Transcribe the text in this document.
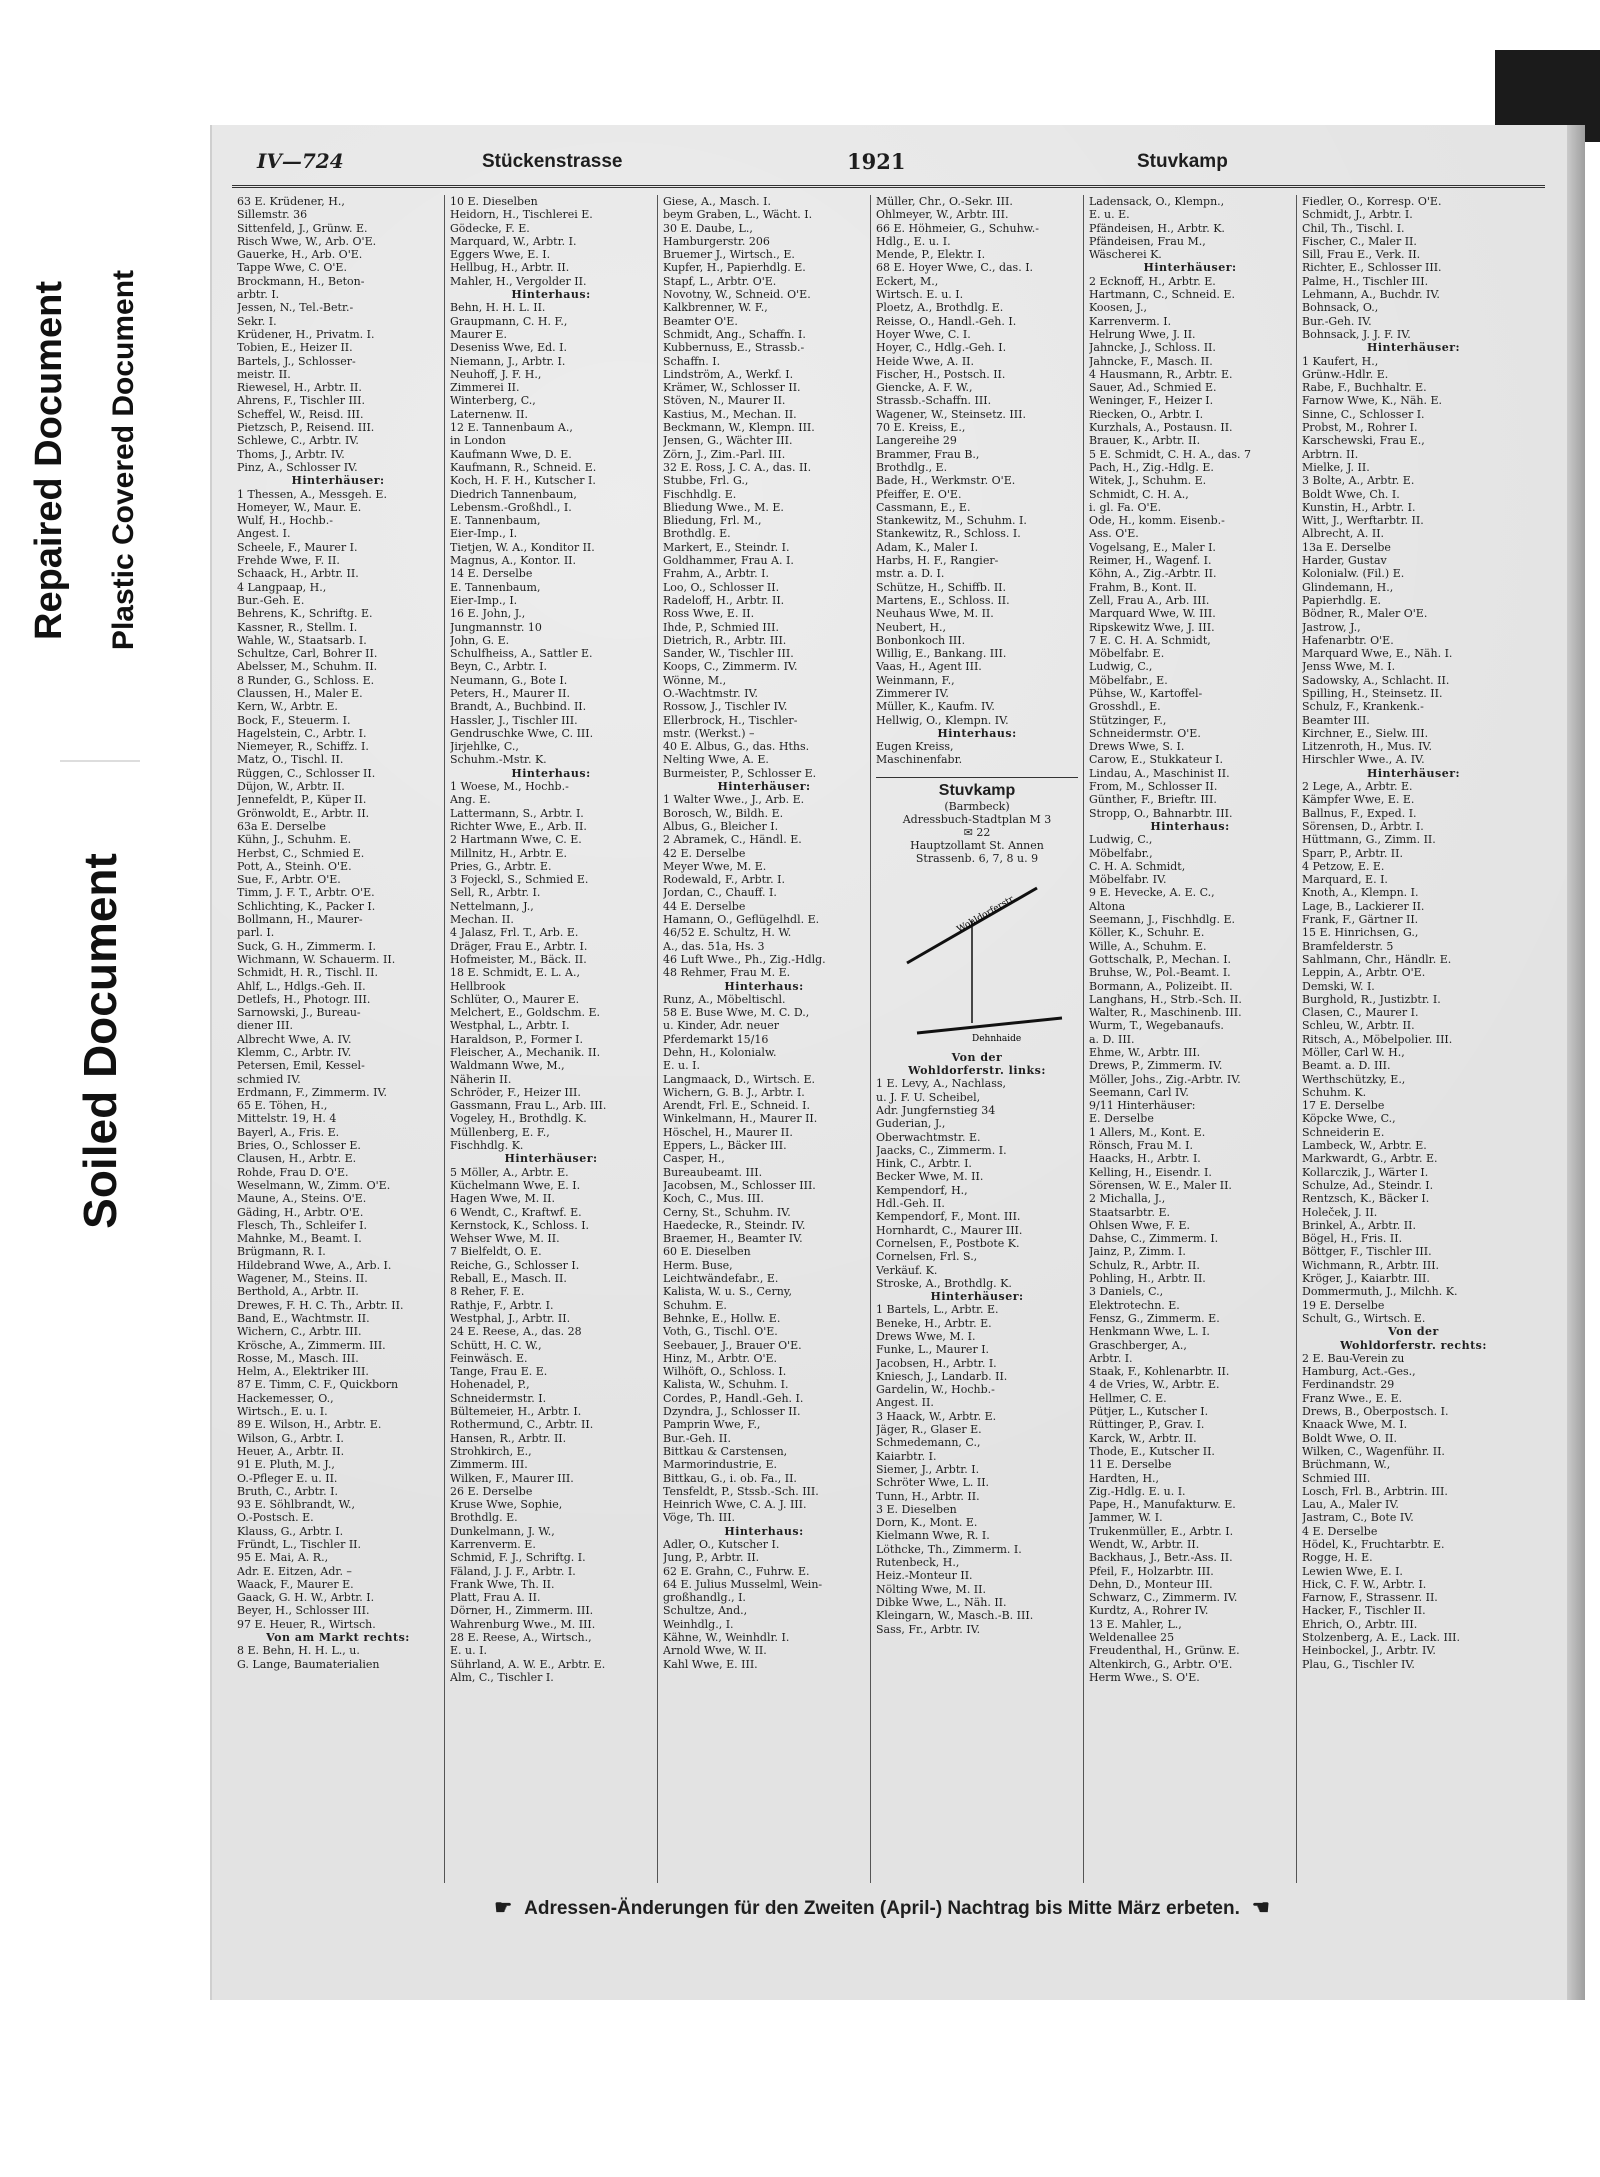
Repaired Document Plastic Covered Document
Soiled Document
IV—724	Stückenstrasse	1921	Stuvkamp
63 E. Krüdener, H.,
Sillemstr. 36
Sittenfeld, J., Grünw. E.
Risch Wwe, W., Arb. O'E.
Gauerke, H., Arb. O'E.
Tappe Wwe, C. O'E.
Brockmann, H., Beton-
arbtr. I.
Jessen, N., Tel.-Betr.-
Sekr. I.
Krüdener, H., Privatm. I.
Tobien, E., Heizer II.
Bartels, J., Schlosser-
meistr. II.
Riewesel, H., Arbtr. II.
Ahrens, F., Tischler III.
Scheffel, W., Reisd. III.
Pietzsch, P., Reisend. III.
Schlewe, C., Arbtr. IV.
Thoms, J., Arbtr. IV.
Pinz, A., Schlosser IV.
Hinterhäuser:
1 Thessen, A., Messgeh. E.
Homeyer, W., Maur. E.
Wulf, H., Hochb.-
Angest. I.
Scheele, F., Maurer I.
Frehde Wwe, F. II.
Schaack, H., Arbtr. II.
4 Langpaap, H.,
Bur.-Geh. E.
Behrens, K., Schriftg. E.
Kassner, R., Stellm. I.
Wahle, W., Staatsarb. I.
Schultze, Carl, Bohrer II.
Abelsser, M., Schuhm. II.
8 Runder, G., Schloss. E.
Claussen, H., Maler E.
Kern, W., Arbtr. E.
Bock, F., Steuerm. I.
Hagelstein, C., Arbtr. I.
Niemeyer, R., Schiffz. I.
Matz, O., Tischl. II.
Rüggen, C., Schlosser II.
Düjon, W., Arbtr. II.
Jennefeldt, P., Küper II.
Grönwoldt, E., Arbtr. II.
63a E. Derselbe
Kühn, J., Schuhm. E.
Herbst, C., Schmied E.
Pott, A., Steinh. O'E.
Sue, F., Arbtr. O'E.
Timm, J. F. T., Arbtr. O'E.
Schlichting, K., Packer I.
Bollmann, H., Maurer-
parl. I.
Suck, G. H., Zimmerm. I.
Wichmann, W. Schauerm. II.
Schmidt, H. R., Tischl. II.
Ahlf, L., Hdlgs.-Geh. II.
Detlefs, H., Photogr. III.
Sarnowski, J., Bureau-
diener III.
Albrecht Wwe, A. IV.
Klemm, C., Arbtr. IV.
Petersen, Emil, Kessel-
schmied IV.
Erdmann, F., Zimmerm. IV.
65 E. Töhen, H.,
Mittelstr. 19, H. 4
Bayerl, A., Fris. E.
Bries, O., Schlosser E.
Clausen, H., Arbtr. E.
Rohde, Frau D. O'E.
Weselmann, W., Zimm. O'E.
Maune, A., Steins. O'E.
Gäding, H., Arbtr. O'E.
Flesch, Th., Schleifer I.
Mahnke, M., Beamt. I.
Brügmann, R. I.
Hildebrand Wwe, A., Arb. I.
Wagener, M., Steins. II.
Berthold, A., Arbtr. II.
Drewes, F. H. C. Th., Arbtr. II.
Band, E., Wachtmstr. II.
Wichern, C., Arbtr. III.
Krösche, A., Zimmerm. III.
Rosse, M., Masch. III.
Helm, A., Elektriker III.
87 E. Timm, C. F., Quickborn
Hackemesser, O.,
Wirtsch., E. u. I.
89 E. Wilson, H., Arbtr. E.
Wilson, G., Arbtr. I.
Heuer, A., Arbtr. II.
91 E. Pluth, M. J.,
O.-Pfleger E. u. II.
Bruth, C., Arbtr. I.
93 E. Söhlbrandt, W.,
O.-Postsch. E.
Klauss, G., Arbtr. I.
Fründt, L., Tischler II.
95 E. Mai, A. R.,
Adr. E. Eitzen, Adr. –
Waack, F., Maurer E.
Gaack, G. H. W., Arbtr. I.
Beyer, H., Schlosser III.
97 E. Heuer, R., Wirtsch.
Von am Markt rechts:
8 E. Behn, H. H. L., u.
G. Lange, Baumaterialien
10 E. Dieselben
Heidorn, H., Tischlerei E.
Gödecke, F. E.
Marquard, W., Arbtr. I.
Eggers Wwe, E. I.
Hellbug, H., Arbtr. II.
Mahler, H., Vergolder II.
Hinterhaus:
Behn, H. H. L. II.
Graupmann, C. H. F.,
Maurer E.
Deseniss Wwe, Ed. I.
Niemann, J., Arbtr. I.
Neuhoff, J. F. H.,
Zimmerei II.
Winterberg, C.,
Laternenw. II.
12 E. Tannenbaum A.,
in London
Kaufmann Wwe, D. E.
Kaufmann, R., Schneid. E.
Koch, H. F. H., Kutscher I.
Diedrich Tannenbaum,
Lebensm.-Großhdl., I.
E. Tannenbaum,
Eier-Imp., I.
Tietjen, W. A., Konditor II.
Magnus, A., Kontor. II.
14 E. Derselbe
E. Tannenbaum,
Eier-Imp., I.
16 E. John, J.,
Jungmannstr. 10
John, G. E.
Schulfheiss, A., Sattler E.
Beyn, C., Arbtr. I.
Neumann, G., Bote I.
Peters, H., Maurer II.
Brandt, A., Buchbind. II.
Hassler, J., Tischler III.
Gendruschke Wwe, C. III.
Jirjehlke, C.,
Schuhm.-Mstr. K.
Hinterhaus:
1 Woese, M., Hochb.-
Ang. E.
Lattermann, S., Arbtr. I.
Richter Wwe, E., Arb. II.
2 Hartmann Wwe, C. E.
Millnitz, H., Arbtr. E.
Pries, G., Arbtr. E.
3 Fojeckl, S., Schmied E.
Sell, R., Arbtr. I.
Nettelmann, J.,
Mechan. II.
4 Jalasz, Frl. T., Arb. E.
Dräger, Frau E., Arbtr. I.
Hofmeister, M., Bäck. II.
18 E. Schmidt, E. L. A.,
Hellbrook
Schlüter, O., Maurer E.
Melchert, E., Goldschm. E.
Westphal, L., Arbtr. I.
Haraldson, P., Former I.
Fleischer, A., Mechanik. II.
Waldmann Wwe, M.,
Näherin II.
Schröder, F., Heizer III.
Gassmann, Frau L., Arb. III.
Vogeley, H., Brothdlg. K.
Müllenberg, E. F.,
Fischhdlg. K.
Hinterhäuser:
5 Möller, A., Arbtr. E.
Küchelmann Wwe, E. I.
Hagen Wwe, M. II.
6 Wendt, C., Kraftwf. E.
Kernstock, K., Schloss. I.
Wehser Wwe, M. II.
7 Bielfeldt, O. E.
Reiche, G., Schlosser I.
Reball, E., Masch. II.
8 Reher, F. E.
Rathje, F., Arbtr. I.
Westphal, J., Arbtr. II.
24 E. Reese, A., das. 28
Schütt, H. C. W.,
Feinwäsch. E.
Tange, Frau E. E.
Hohenadel, P.,
Schneidermstr. I.
Bültemeier, H., Arbtr. I.
Rothermund, C., Arbtr. II.
Hansen, R., Arbtr. II.
Strohkirch, E.,
Zimmerm. III.
Wilken, F., Maurer III.
26 E. Derselbe
Kruse Wwe, Sophie,
Brothdlg. E.
Dunkelmann, J. W.,
Karrenverm. E.
Schmid, F. J., Schriftg. I.
Fäland, J. J. F., Arbtr. I.
Frank Wwe, Th. II.
Platt, Frau A. II.
Dörner, H., Zimmerm. III.
Wahrenburg Wwe., M. III.
28 E. Reese, A., Wirtsch.,
E. u. I.
Sührland, A. W. E., Arbtr. E.
Alm, C., Tischler I.
Giese, A., Masch. I.
beym Graben, L., Wächt. I.
30 E. Daube, L.,
Hamburgerstr. 206
Bruemer J., Wirtsch., E.
Kupfer, H., Papierhdlg. E.
Stapf, L., Arbtr. O'E.
Novotny, W., Schneid. O'E.
Kalkbrenner, W. F.,
Beamter O'E.
Schmidt, Ang., Schaffn. I.
Kubbernuss, E., Strassb.-
Schaffn. I.
Lindström, A., Werkf. I.
Krämer, W., Schlosser II.
Stöven, N., Maurer II.
Kastius, M., Mechan. II.
Beckmann, W., Klempn. III.
Jensen, G., Wächter III.
Zörn, J., Zim.-Parl. III.
32 E. Ross, J. C. A., das. II.
Stubbe, Frl. G.,
Fischhdlg. E.
Bliedung Wwe., M. E.
Bliedung, Frl. M.,
Brothdlg. E.
Markert, E., Steindr. I.
Goldhammer, Frau A. I.
Frahm, A., Arbtr. I.
Loo, O., Schlosser II.
Radeloff, H., Arbtr. II.
Ross Wwe, E. II.
Ihde, P., Schmied III.
Dietrich, R., Arbtr. III.
Sander, W., Tischler III.
Koops, C., Zimmerm. IV.
Wönne, M.,
O.-Wachtmstr. IV.
Rossow, J., Tischler IV.
Ellerbrock, H., Tischler-
mstr. (Werkst.) –
40 E. Albus, G., das. Hths.
Nelting Wwe, A. E.
Burmeister, P., Schlosser E.
Hinterhäuser:
1 Walter Wwe., J., Arb. E.
Borosch, W., Bildh. E.
Albus, G., Bleicher I.
2 Abramek, C., Händl. E.
42 E. Derselbe
Meyer Wwe, M. E.
Rodewald, F., Arbtr. I.
Jordan, C., Chauff. I.
44 E. Derselbe
Hamann, O., Geflügelhdl. E.
46/52 E. Schultz, H. W.
A., das. 51a, Hs. 3
46 Luft Wwe., Ph., Zig.-Hdlg.
48 Rehmer, Frau M. E.
Hinterhaus:
Runz, A., Möbeltischl.
58 E. Buse Wwe, M. C. D.,
u. Kinder, Adr. neuer
Pferdemarkt 15/16
Dehn, H., Kolonialw.
E. u. I.
Langmaack, D., Wirtsch. E.
Wichern, G. B. J., Arbtr. I.
Arendt, Frl. E., Schneid. I.
Winkelmann, H., Maurer II.
Höschel, H., Maurer II.
Eppers, L., Bäcker III.
Casper, H.,
Bureaubeamt. III.
Jacobsen, M., Schlosser III.
Koch, C., Mus. III.
Cerny, St., Schuhm. IV.
Haedecke, R., Steindr. IV.
Braemer, H., Beamter IV.
60 E. Dieselben
Herm. Buse,
Leichtwändefabr., E.
Kalista, W. u. S., Cerny,
Schuhm. E.
Behnke, E., Hollw. E.
Voth, G., Tischl. O'E.
Seebauer, J., Brauer O'E.
Hinz, M., Arbtr. O'E.
Wilhöft, O., Schloss. I.
Kalista, W., Schuhm. I.
Cordes, P., Handl.-Geh. I.
Dzyndra, J., Schlosser II.
Pamprin Wwe, F.,
Bur.-Geh. II.
Bittkau & Carstensen,
Marmorindustrie, E.
Bittkau, G., i. ob. Fa., II.
Tensfeldt, P., Stssb.-Sch. III.
Heinrich Wwe, C. A. J. III.
Vöge, Th. III.
Hinterhaus:
Adler, O., Kutscher I.
Jung, P., Arbtr. II.
62 E. Grahn, C., Fuhrw. E.
64 E. Julius Musselml, Wein-
großhandlg., I.
Schultze, And.,
Weinhdlg., I.
Kähne, W., Weinhdlr. I.
Arnold Wwe, W. II.
Kahl Wwe, E. III.
Müller, Chr., O.-Sekr. III.
Ohlmeyer, W., Arbtr. III.
66 E. Höhmeier, G., Schuhw.-
Hdlg., E. u. I.
Mende, P., Elektr. I.
68 E. Hoyer Wwe, C., das. I.
Eckert, M.,
Wirtsch. E. u. I.
Ploetz, A., Brothdlg. E.
Reisse, O., Handl.-Geh. I.
Hoyer Wwe, C. I.
Hoyer, C., Hdlg.-Geh. I.
Heide Wwe, A. II.
Fischer, H., Postsch. II.
Giencke, A. F. W.,
Strassb.-Schaffn. III.
Wagener, W., Steinsetz. III.
70 E. Kreiss, E.,
Langereihe 29
Brammer, Frau B.,
Brothdlg., E.
Bade, H., Werkmstr. O'E.
Pfeiffer, E. O'E.
Cassmann, E., E.
Stankewitz, M., Schuhm. I.
Stankewitz, R., Schloss. I.
Adam, K., Maler I.
Harbs, H. F., Rangier-
mstr. a. D. I.
Schütze, H., Schiffb. II.
Martens, E., Schloss. II.
Neuhaus Wwe, M. II.
Neubert, H.,
Bonbonkoch III.
Willig, E., Bankang. III.
Vaas, H., Agent III.
Weinmann, F.,
Zimmerer IV.
Müller, K., Kaufm. IV.
Hellwig, O., Klempn. IV.
Hinterhaus:
Eugen Kreiss,
Maschinenfabr.
Stuvkamp
(Barmbeck)
Adressbuch-Stadtplan M 3
✉ 22
Hauptzollamt St. Annen
Strassenb. 6, 7, 8 u. 9
Wohldorferstr.
Dehnhaide
Von der
Wohldorferstr. links:
1 E. Levy, A., Nachlass,
u. J. F. U. Scheibel,
Adr. Jungfernstieg 34
Guderian, J.,
Oberwachtmstr. E.
Jaacks, C., Zimmerm. I.
Hink, C., Arbtr. I.
Becker Wwe, M. II.
Kempendorf, H.,
Hdl.-Geh. II.
Kempendorf, F., Mont. III.
Hornhardt, C., Maurer III.
Cornelsen, F., Postbote K.
Cornelsen, Frl. S.,
Verkäuf. K.
Stroske, A., Brothdlg. K.
Hinterhäuser:
1 Bartels, L., Arbtr. E.
Beneke, H., Arbtr. E.
Drews Wwe, M. I.
Funke, L., Maurer I.
Jacobsen, H., Arbtr. I.
Kniesch, J., Landarb. II.
Gardelin, W., Hochb.-
Angest. II.
3 Haack, W., Arbtr. E.
Jäger, R., Glaser E.
Schmedemann, C.,
Kaiarbtr. I.
Siemer, J., Arbtr. I.
Schröter Wwe, L. II.
Tunn, H., Arbtr. II.
3 E. Dieselben
Dorn, K., Mont. E.
Kielmann Wwe, R. I.
Löthcke, Th., Zimmerm. I.
Rutenbeck, H.,
Heiz.-Monteur II.
Nölting Wwe, M. II.
Dibke Wwe, L., Näh. II.
Kleingarn, W., Masch.-B. III.
Sass, Fr., Arbtr. IV.
Ladensack, O., Klempn.,
E. u. E.
Pfändeisen, H., Arbtr. K.
Pfändeisen, Frau M.,
Wäscherei K.
Hinterhäuser:
2 Ecknoff, H., Arbtr. E.
Hartmann, C., Schneid. E.
Koosen, J.,
Karrenverm. I.
Helrung Wwe, J. II.
Jahncke, J., Schloss. II.
Jahncke, F., Masch. II.
4 Hausmann, R., Arbtr. E.
Sauer, Ad., Schmied E.
Weninger, F., Heizer I.
Riecken, O., Arbtr. I.
Kurzhals, A., Postausn. II.
Brauer, K., Arbtr. II.
5 E. Schmidt, C. H. A., das. 7
Pach, H., Zig.-Hdlg. E.
Witek, J., Schuhm. E.
Schmidt, C. H. A.,
i. gl. Fa. O'E.
Ode, H., komm. Eisenb.-
Ass. O'E.
Vogelsang, E., Maler I.
Reimer, H., Wagenf. I.
Köhn, A., Zig.-Arbtr. II.
Frahm, B., Kont. II.
Zell, Frau A., Arb. III.
Marquard Wwe, W. III.
Ripskewitz Wwe, J. III.
7 E. C. H. A. Schmidt,
Möbelfabr. E.
Ludwig, C.,
Möbelfabr., E.
Pühse, W., Kartoffel-
Grosshdl., E.
Stützinger, F.,
Schneidermstr. O'E.
Drews Wwe, S. I.
Carow, E., Stukkateur I.
Lindau, A., Maschinist II.
From, M., Schlosser II.
Günther, F., Brieftr. III.
Stropp, O., Bahnarbtr. III.
Hinterhaus:
Ludwig, C.,
Möbelfabr.,
C. H. A. Schmidt,
Möbelfabr. IV.
9 E. Hevecke, A. E. C.,
Altona
Seemann, J., Fischhdlg. E.
Köller, K., Schuhr. E.
Wille, A., Schuhm. E.
Gottschalk, P., Mechan. I.
Bruhse, W., Pol.-Beamt. I.
Bormann, A., Polizeibt. II.
Langhans, H., Strb.-Sch. II.
Walter, R., Maschinenb. III.
Wurm, T., Wegebanaufs.
a. D. III.
Ehme, W., Arbtr. III.
Drews, P., Zimmerm. IV.
Möller, Johs., Zig.-Arbtr. IV.
Seemann, Carl IV.
9/11 Hinterhäuser:
E. Derselbe
1 Allers, M., Kont. E.
Rönsch, Frau M. I.
Haacks, H., Arbtr. I.
Kelling, H., Eisendr. I.
Sörensen, W. E., Maler II.
2 Michalla, J.,
Staatsarbtr. E.
Ohlsen Wwe, F. E.
Dahse, C., Zimmerm. I.
Jainz, P., Zimm. I.
Schulz, R., Arbtr. II.
Pohling, H., Arbtr. II.
3 Daniels, C.,
Elektrotechn. E.
Fensz, G., Zimmerm. E.
Henkmann Wwe, L. I.
Graschberger, A.,
Arbtr. I.
Staak, F., Kohlenarbtr. II.
4 de Vries, W., Arbtr. E.
Hellmer, C. E.
Pütjer, L., Kutscher I.
Rüttinger, P., Grav. I.
Karck, W., Arbtr. II.
Thode, E., Kutscher II.
11 E. Derselbe
Hardten, H.,
Zig.-Hdlg. E. u. I.
Pape, H., Manufakturw. E.
Jammer, W. I.
Trukenmüller, E., Arbtr. I.
Wendt, W., Arbtr. II.
Backhaus, J., Betr.-Ass. II.
Pfeil, F., Holzarbtr. III.
Dehn, D., Monteur III.
Schwarz, C., Zimmerm. IV.
Kurdtz, A., Rohrer IV.
13 E. Mahler, L.,
Weldenallee 25
Freudenthal, H., Grünw. E.
Altenkirch, G., Arbtr. O'E.
Herm Wwe., S. O'E.
Fiedler, O., Korresp. O'E.
Schmidt, J., Arbtr. I.
Chil, Th., Tischl. I.
Fischer, C., Maler II.
Sill, Frau E., Verk. II.
Richter, E., Schlosser III.
Palme, H., Tischler III.
Lehmann, A., Buchdr. IV.
Bohnsack, O.,
Bur.-Geh. IV.
Bohnsack, J. J. F. IV.
Hinterhäuser:
1 Kaufert, H.,
Grünw.-Hdlr. E.
Rabe, F., Buchhaltr. E.
Farnow Wwe, K., Näh. E.
Sinne, C., Schlosser I.
Probst, M., Rohrer I.
Karschewski, Frau E.,
Arbtrn. II.
Mielke, J. II.
3 Bolte, A., Arbtr. E.
Boldt Wwe, Ch. I.
Kunstin, H., Arbtr. I.
Witt, J., Werftarbtr. II.
Albrecht, A. II.
13a E. Derselbe
Harder, Gustav
Kolonialw. (Fil.) E.
Glindemann, H.,
Papierhdlg. E.
Bödner, R., Maler O'E.
Jastrow, J.,
Hafenarbtr. O'E.
Marquard Wwe, E., Näh. I.
Jenss Wwe, M. I.
Sadowsky, A., Schlacht. II.
Spilling, H., Steinsetz. II.
Schulz, F., Krankenk.-
Beamter III.
Kirchner, E., Sielw. III.
Litzenroth, H., Mus. IV.
Hirschler Wwe., A. IV.
Hinterhäuser:
2 Lege, A., Arbtr. E.
Kämpfer Wwe, E. E.
Ballnus, F., Exped. I.
Sörensen, D., Arbtr. I.
Hüttmann, G., Zimm. II.
Sparr, P., Arbtr. II.
4 Petzow, E. E.
Marquard, E. I.
Knoth, A., Klempn. I.
Lage, B., Lackierer II.
Frank, F., Gärtner II.
15 E. Hinrichsen, G.,
Bramfelderstr. 5
Sahlmann, Chr., Händlr. E.
Leppin, A., Arbtr. O'E.
Demski, W. I.
Burghold, R., Justizbtr. I.
Clasen, C., Maurer I.
Schleu, W., Arbtr. II.
Ritsch, A., Möbelpolier. III.
Möller, Carl W. H.,
Beamt. a. D. III.
Werthschützky, E.,
Schuhm. K.
17 E. Derselbe
Köpcke Wwe, C.,
Schneiderin E.
Lambeck, W., Arbtr. E.
Markwardt, G., Arbtr. E.
Kollarczik, J., Wärter I.
Schulze, Ad., Steindr. I.
Rentzsch, K., Bäcker I.
Holeček, J. II.
Brinkel, A., Arbtr. II.
Bögel, H., Fris. II.
Böttger, F., Tischler III.
Wichmann, R., Arbtr. III.
Kröger, J., Kaiarbtr. III.
Dommermuth, J., Milchh. K.
19 E. Derselbe
Schult, G., Wirtsch. E.
Von der
Wohldorferstr. rechts:
2 E. Bau-Verein zu
Hamburg, Act.-Ges.,
Ferdinandstr. 29
Franz Wwe., E. E.
Drews, B., Oberpostsch. I.
Knaack Wwe, M. I.
Boldt Wwe, O. II.
Wilken, C., Wagenführ. II.
Brüchmann, W.,
Schmied III.
Losch, Frl. B., Arbtrin. III.
Lau, A., Maler IV.
Jastram, C., Bote IV.
4 E. Derselbe
Hödel, K., Fruchtarbtr. E.
Rogge, H. E.
Lewien Wwe, E. I.
Hick, C. F. W., Arbtr. I.
Farnow, F., Strassenr. II.
Hacker, F., Tischler II.
Ehrich, O., Arbtr. III.
Stolzenberg, A. E., Lack. III.
Heinbockel, J., Arbtr. IV.
Plau, G., Tischler IV.
☛ Adressen-Änderungen für den Zweiten (April-) Nachtrag bis Mitte März erbeten. ☚
